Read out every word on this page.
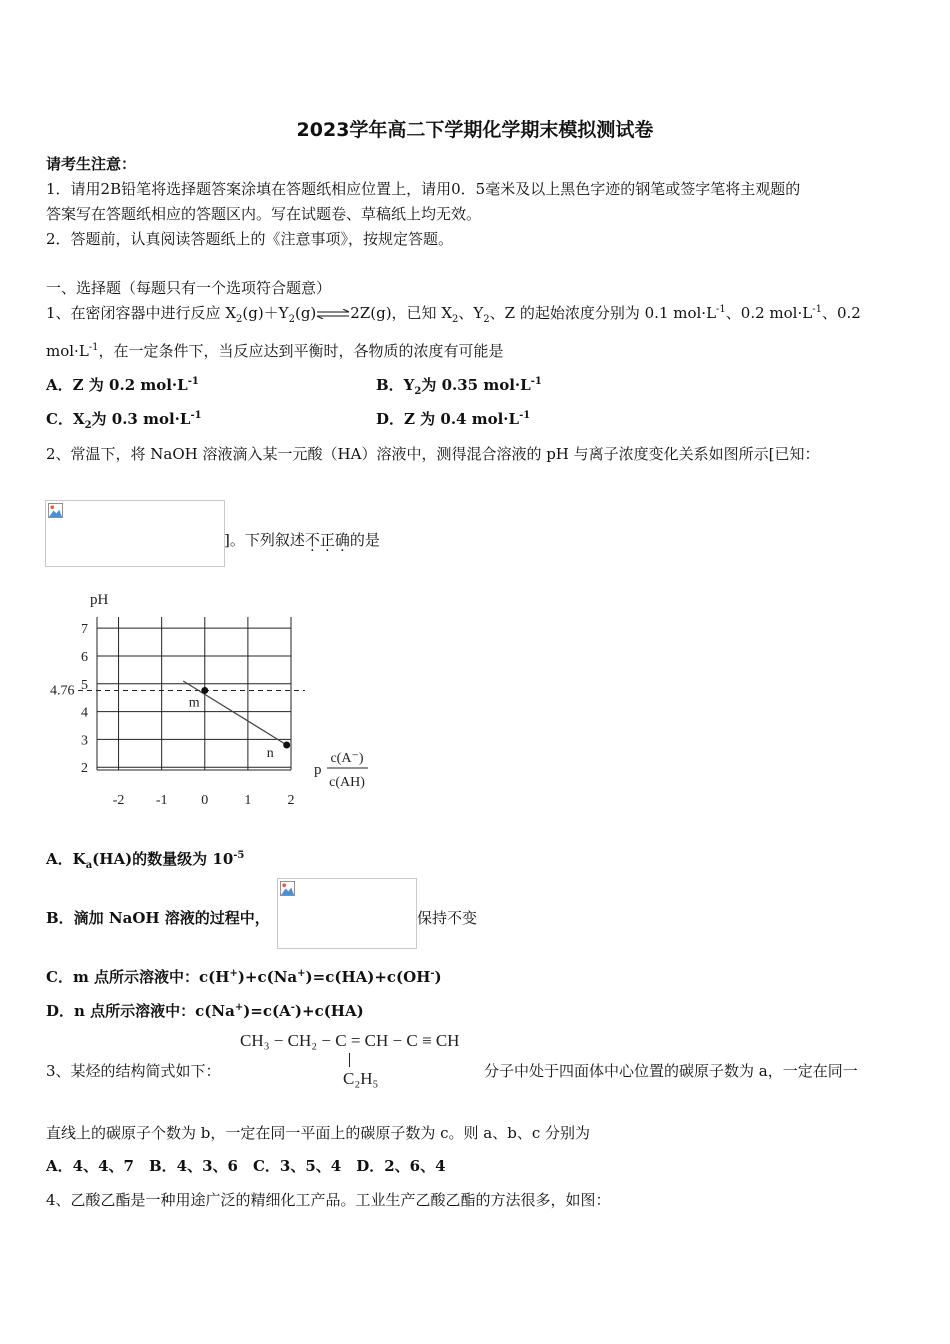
2023学年高二下学期化学期末模拟测试卷
请考生注意：
1．请用2B铅笔将选择题答案涂填在答题纸相应位置上，请用0．5毫米及以上黑色字迹的钢笔或签字笔将主观题的
答案写在答题纸相应的答题区内。写在试题卷、草稿纸上均无效。
2．答题前，认真阅读答题纸上的《注意事项》，按规定答题。
一、选择题（每题只有一个选项符合题意）
1、在密闭容器中进行反应 $X_2(g)+Y_2(g)\rightleftharpoons 2Z(g)$，已知 $X_2$、$Y_2$、Z 的起始浓度分别为 0.1 $mol\cdot L^{-1}$、0.2 $mol\cdot L^{-1}$、0.2
$mol\cdot L^{-1}$，在一定条件下，当反应达到平衡时，各物质的浓度有可能是
A．Z 为 0.2 $mol\cdot L^{-1}$	B．$Y_2$为 0.35 $mol\cdot L^{-1}$
C．$X_2$为 0.3 $mol\cdot L^{-1}$	D．Z 为 0.4 $mol\cdot L^{-1}$
2、常温下，将 NaOH 溶液滴入某一元酸（HA）溶液中，测得混合溶液的 pH 与离子浓度变化关系如图所示[已知：
]。下列叙述不正确的是
-2 -1 0	1	2
2
3
4
5
6
7
pH
4.76
m
n
p
c(A⁻)
c(AH)
A．$K_a(HA)$的数量级为 $10^{-5}$
B．滴加 NaOH 溶液的过程中，	保持不变
C．m 点所示溶液中：c(H+)+c(Na+)=c(HA)+c(OH-)
D．n 点所示溶液中：c(Na+)=c(A-)+c(HA)
CH₃ − CH₂ − C = CH − C ≡ CH
C₂H₅
3、某烃的结构简式如下：	分子中处于四面体中心位置的碳原子数为 a，一定在同一
直线上的碳原子个数为 b，一定在同一平面上的碳原子数为 c。则 a、b、c 分别为
A．4、4、7　B．4、3、6　C．3、5、4　D．2、6、4
4、乙酸乙酯是一种用途广泛的精细化工产品。工业生产乙酸乙酯的方法很多，如图：
